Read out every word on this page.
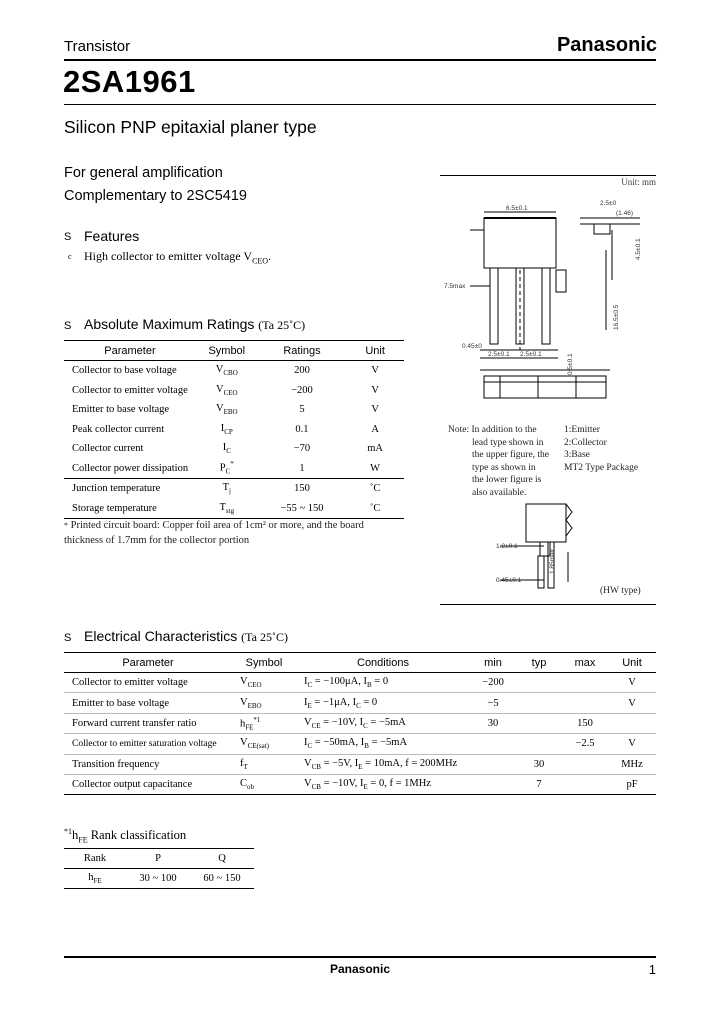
Transistor	Panasonic
2SA1961
Silicon PNP epitaxial planer type
For general amplification
Complementary to 2SC5419
S Features
c High collector to emitter voltage $V_{CEO}$.
S Absolute Maximum Ratings (Ta 25˚C)
Parameter	Symbol	Ratings	Unit
Collector to base voltage	$V_{CBO}$	200	V
Collector to emitter voltage	$V_{CEO}$	−200	V
Emitter to base voltage	$V_{EBO}$	5	V
Peak collector current	$I_{CP}$	0.1	A
Collector current	$I_C$	−70	mA
Collector power dissipation	$P_C^*$	1	W
Junction temperature	$T_j$	150	˚C
Storage temperature	$T_{stg}$	−55 ~ 150	˚C
* Printed circuit board: Copper foil area of 1cm² or more, and the board
thickness of 1.7mm for the collector portion
Unit: mm
6.5±0.1
2.5±0
(1.46)
4.5±0.1
7.5max
16.5±0.5
0.45±0
2.5±0.1 2.5±0.1	0.5±0.1
1.2±0.1
0.45±0.1
1.85max
Note: In addition to the
lead type shown in
the upper figure, the
type as shown in
the lower figure is
also available.
1:Emitter
2:Collector
3:Base
MT2 Type Package
(HW type)
S Electrical Characteristics (Ta 25˚C)
Parameter	Symbol	Conditions	min	typ	max	Unit
Collector to emitter voltage	$V_{CEO}$	$I_C = -100\mu A$, $I_B = 0$	−200			V
Emitter to base voltage	$V_{EBO}$	$I_E = -1\mu A$, $I_C = 0$	−5			V
Forward current transfer ratio	$h_{FE}^{*1}$	$V_{CE} = -10V$, $I_C = -5mA$	30		150	
Collector to emitter saturation voltage	$V_{CE(sat)}$	$I_C = -50mA$, $I_B = -5mA$			−2.5	V
Transition frequency	$f_T$	$V_{CB} = -5V$, $I_E = 10mA$, f = 200MHz		30		MHz
Collector output capacitance	$C_{ob}$	$V_{CB} = -10V$, $I_E = 0$, f = 1MHz		7		pF
$^{*1}h_{FE}$ Rank classification
Rank	P	Q
$h_{FE}$	30 ~ 100	60 ~ 150
Panasonic	1
